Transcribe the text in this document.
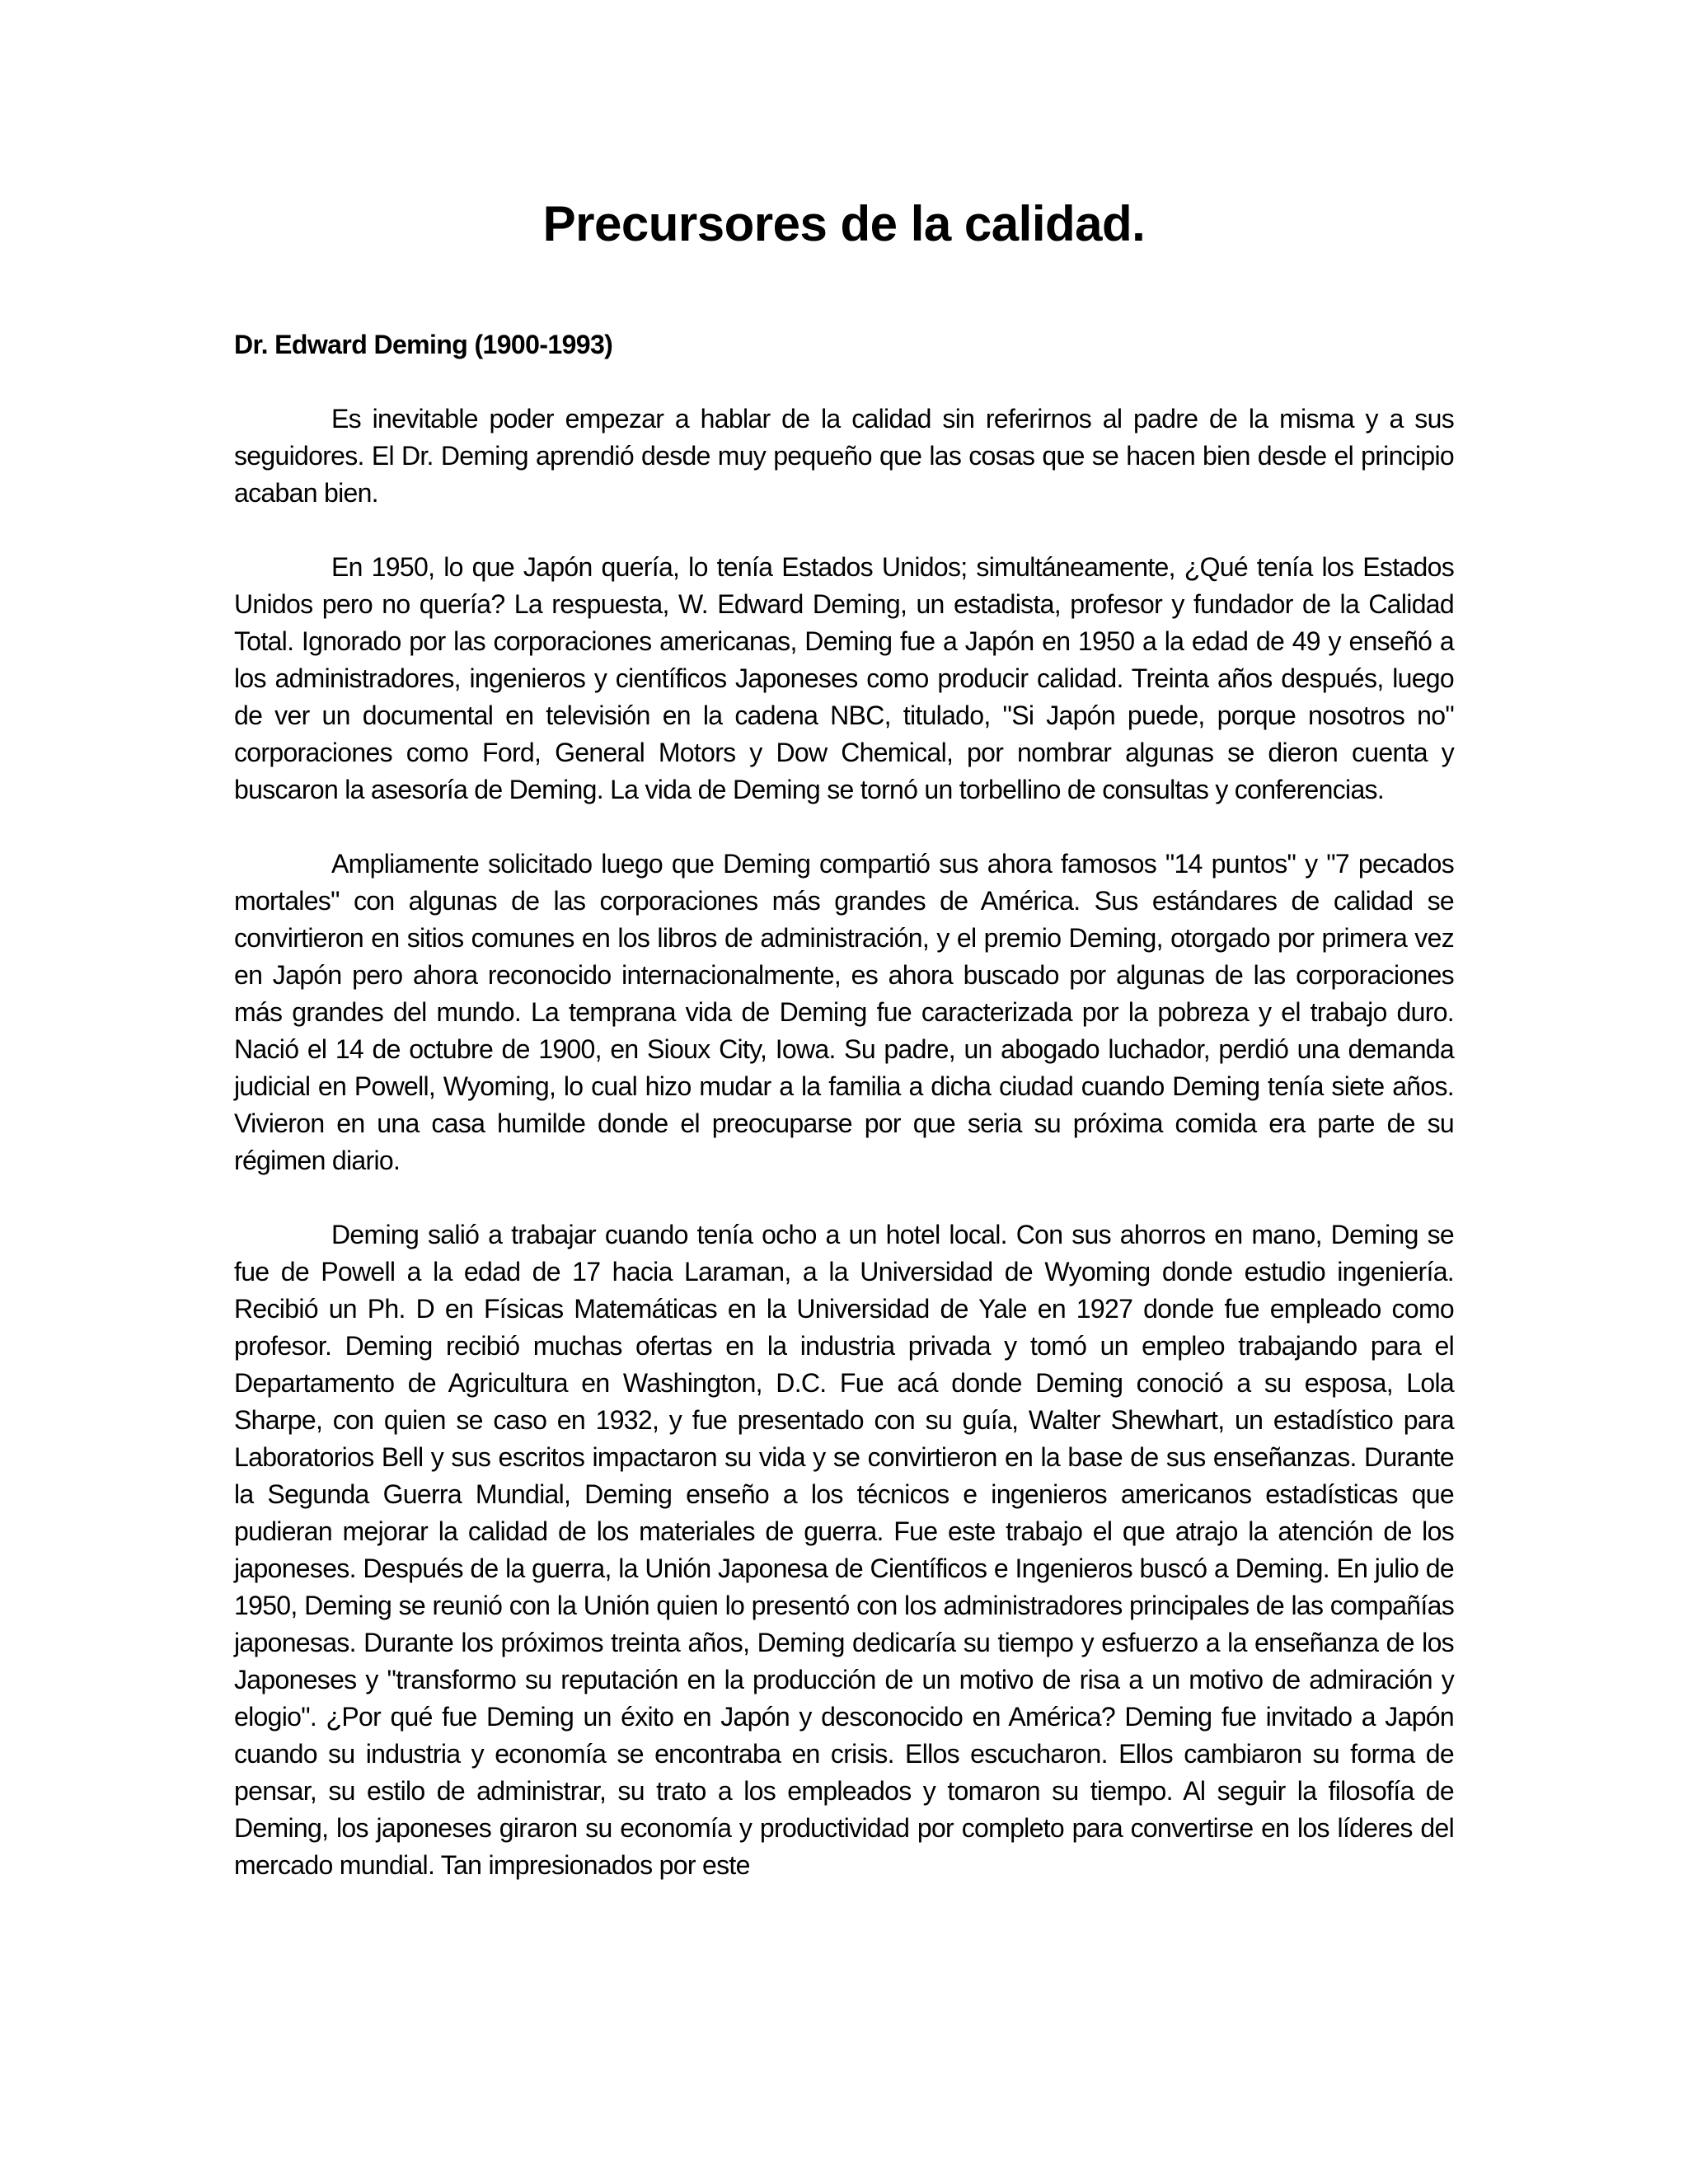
Precursores de la calidad.

Dr. Edward Deming (1900-1993)

Es inevitable poder empezar a hablar de la calidad sin referirnos al padre de la misma y a sus seguidores. El Dr. Deming aprendió desde muy pequeño que las cosas que se hacen bien desde el principio acaban bien.

En 1950, lo que Japón quería, lo tenía Estados Unidos; simultáneamente, ¿Qué tenía los Estados Unidos pero no quería? La respuesta, W. Edward Deming, un estadista, profesor y fundador de la Calidad Total. Ignorado por las corporaciones americanas, Deming fue a Japón en 1950 a la edad de 49 y enseñó a los administradores, ingenieros y científicos Japoneses como producir calidad. Treinta años después, luego de ver un documental en televisión en la cadena NBC, titulado, "Si Japón puede, porque nosotros no" corporaciones como Ford, General Motors y Dow Chemical, por nombrar algunas se dieron cuenta y buscaron la asesoría de Deming. La vida de Deming se tornó un torbellino de consultas y conferencias.

Ampliamente solicitado luego que Deming compartió sus ahora famosos "14 puntos" y "7 pecados mortales" con algunas de las corporaciones más grandes de América. Sus estándares de calidad se convirtieron en sitios comunes en los libros de administración, y el premio Deming, otorgado por primera vez en Japón pero ahora reconocido internacionalmente, es ahora buscado por algunas de las corporaciones más grandes del mundo. La temprana vida de Deming fue caracterizada por la pobreza y el trabajo duro. Nació el 14 de octubre de 1900, en Sioux City, Iowa. Su padre, un abogado luchador, perdió una demanda judicial en Powell, Wyoming, lo cual hizo mudar a la familia a dicha ciudad cuando Deming tenía siete años. Vivieron en una casa humilde donde el preocuparse por que seria su próxima comida era parte de su régimen diario.

Deming salió a trabajar cuando tenía ocho a un hotel local. Con sus ahorros en mano, Deming se fue de Powell a la edad de 17 hacia Laraman, a la Universidad de Wyoming donde estudio ingeniería. Recibió un Ph. D en Físicas Matemáticas en la Universidad de Yale en 1927 donde fue empleado como profesor. Deming recibió muchas ofertas en la industria privada y tomó un empleo trabajando para el Departamento de Agricultura en Washington, D.C. Fue acá donde Deming conoció a su esposa, Lola Sharpe, con quien se caso en 1932, y fue presentado con su guía, Walter Shewhart, un estadístico para Laboratorios Bell y sus escritos impactaron su vida y se convirtieron en la base de sus enseñanzas. Durante la Segunda Guerra Mundial, Deming enseño a los técnicos e ingenieros americanos estadísticas que pudieran mejorar la calidad de los materiales de guerra. Fue este trabajo el que atrajo la atención de los japoneses. Después de la guerra, la Unión Japonesa de Científicos e Ingenieros buscó a Deming. En julio de 1950, Deming se reunió con la Unión quien lo presentó con los administradores principales de las compañías japonesas. Durante los próximos treinta años, Deming dedicaría su tiempo y esfuerzo a la enseñanza de los Japoneses y "transformo su reputación en la producción de un motivo de risa a un motivo de admiración y elogio". ¿Por qué fue Deming un éxito en Japón y desconocido en América? Deming fue invitado a Japón cuando su industria y economía se encontraba en crisis. Ellos escucharon. Ellos cambiaron su forma de pensar, su estilo de administrar, su trato a los empleados y tomaron su tiempo. Al seguir la filosofía de Deming, los japoneses giraron su economía y productividad por completo para convertirse en los líderes del mercado mundial. Tan impresionados por este
